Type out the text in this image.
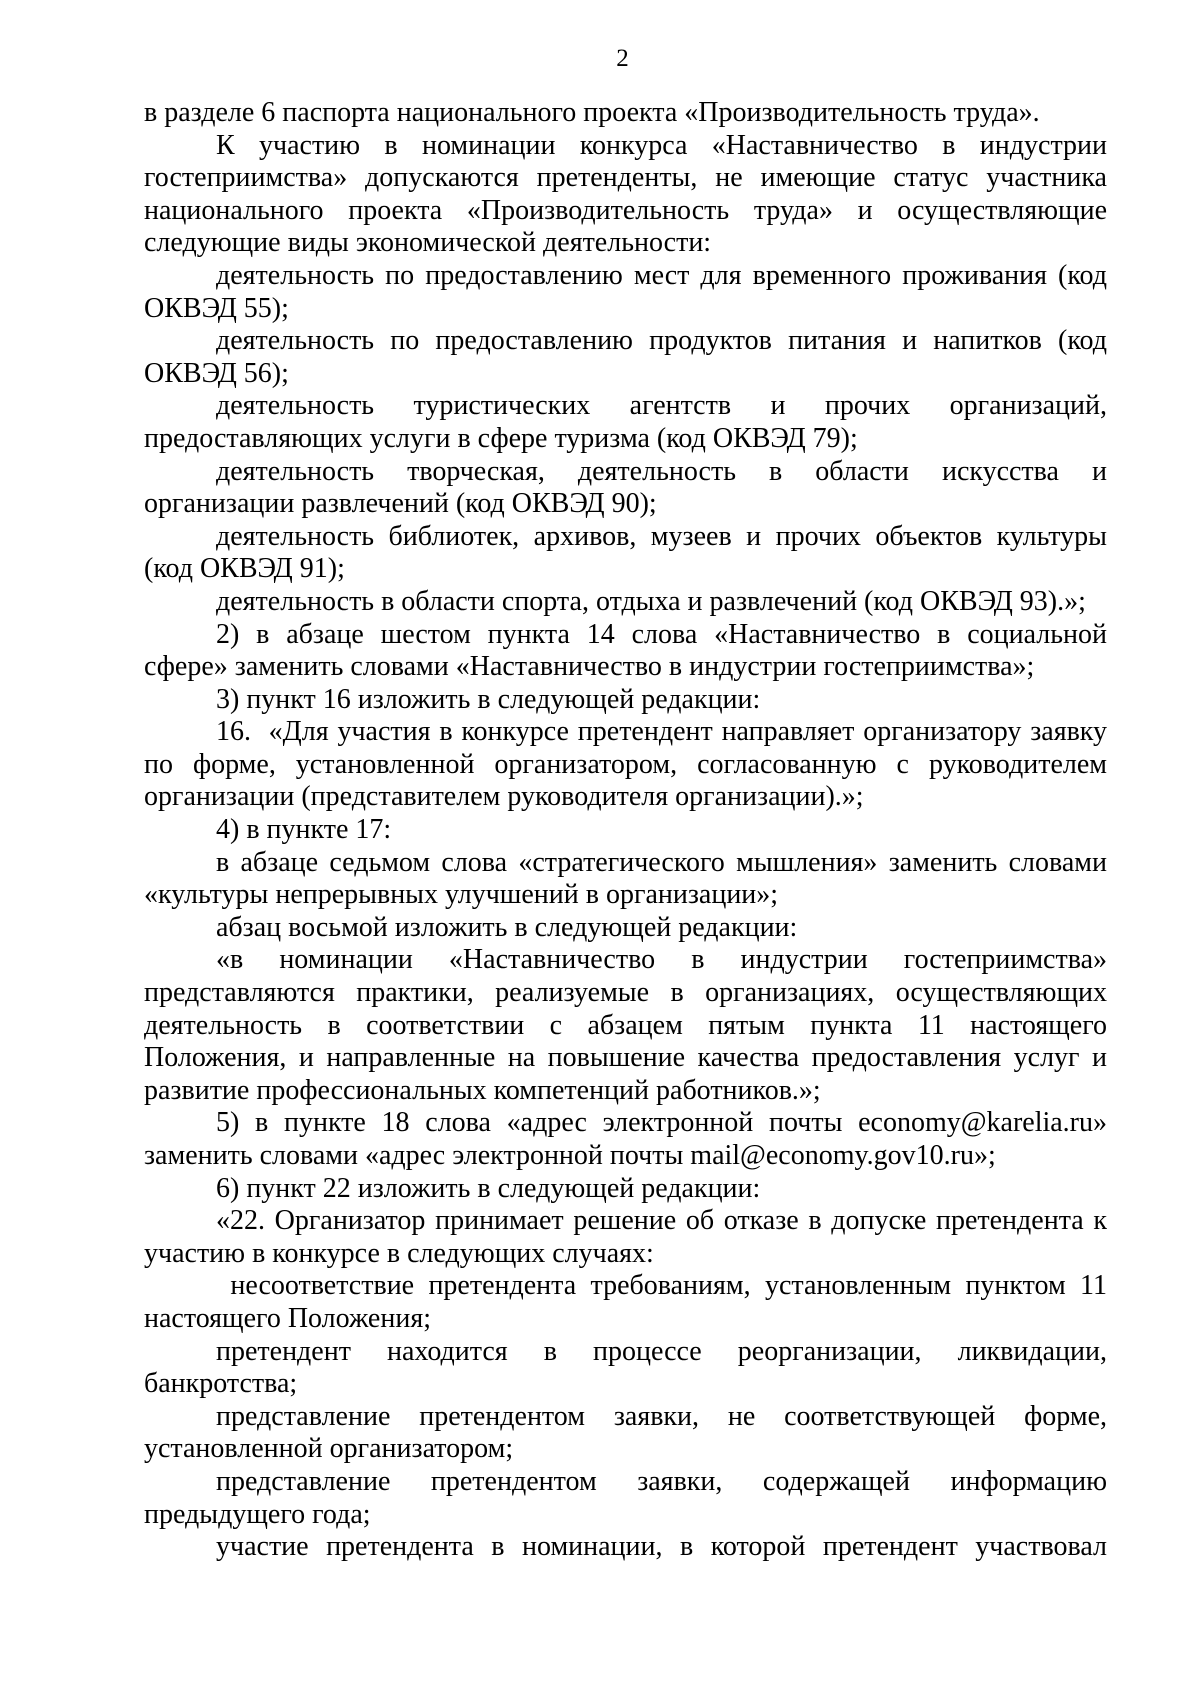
2

в разделе 6 паспорта национального проекта «Производительность труда».

К участию в номинации конкурса «Наставничество в индустрии гостеприимства» допускаются претенденты, не имеющие статус участника национального проекта «Производительность труда» и осуществляющие следующие виды экономической деятельности:

деятельность по предоставлению мест для временного проживания (код ОКВЭД 55);

деятельность по предоставлению продуктов питания и напитков (код ОКВЭД 56);

деятельность туристических агентств и прочих организаций, предоставляющих услуги в сфере туризма (код ОКВЭД 79);

деятельность творческая, деятельность в области искусства и организации развлечений (код ОКВЭД 90);

деятельность библиотек, архивов, музеев и прочих объектов культуры (код ОКВЭД 91);

деятельность в области спорта, отдыха и развлечений (код ОКВЭД 93).»;

2) в абзаце шестом пункта 14 слова «Наставничество в социальной сфере» заменить словами «Наставничество в индустрии гостеприимства»;

3) пункт 16 изложить в следующей редакции:

16.  «Для участия в конкурсе претендент направляет организатору заявку по форме, установленной организатором, согласованную с руководителем организации (представителем руководителя организации).»;

4) в пункте 17:

в абзаце седьмом слова «стратегического мышления» заменить словами «культуры непрерывных улучшений в организации»;

абзац восьмой изложить в следующей редакции:

«в номинации «Наставничество в индустрии гостеприимства» представляются практики, реализуемые в организациях, осуществляющих деятельность в соответствии с абзацем пятым пункта 11 настоящего Положения, и направленные на повышение качества предоставления услуг и развитие профессиональных компетенций работников.»;

5) в пункте 18 слова «адрес электронной почты economy@karelia.ru» заменить словами «адрес электронной почты mail@economy.gov10.ru»;

6) пункт 22 изложить в следующей редакции:

«22. Организатор принимает решение об отказе в допуске претендента к участию в конкурсе в следующих случаях:

несоответствие претендента требованиям, установленным пунктом 11 настоящего Положения;

претендент находится в процессе реорганизации, ликвидации, банкротства;

представление претендентом заявки, не соответствующей форме, установленной организатором;

представление претендентом заявки, содержащей информацию предыдущего года;

участие претендента в номинации, в которой претендент участвовал
